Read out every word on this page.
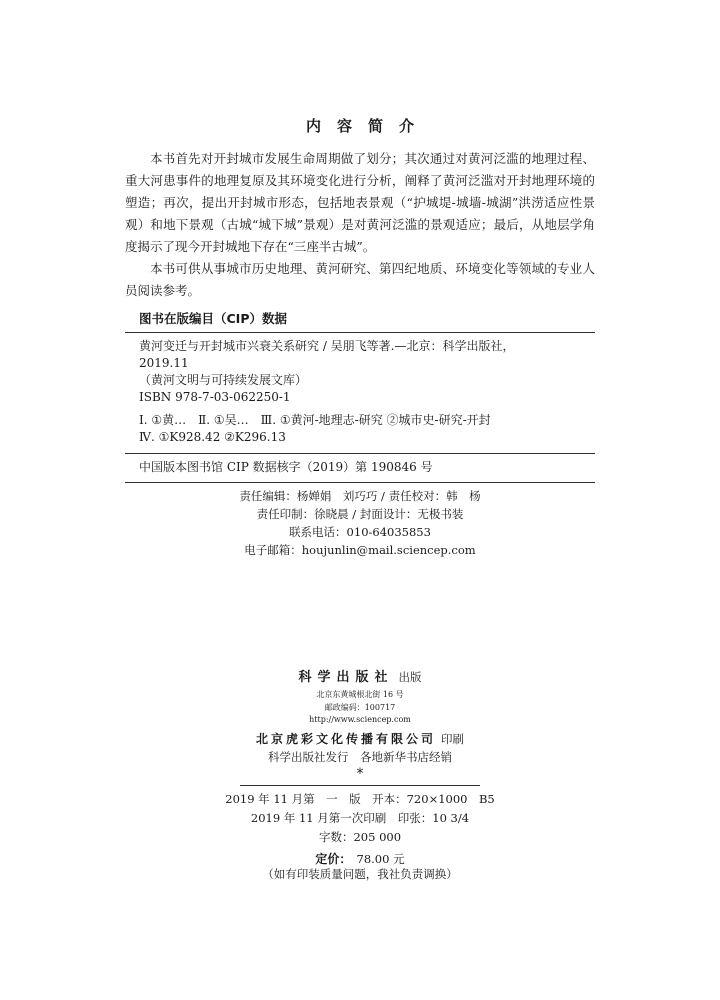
内容简介

本书首先对开封城市发展生命周期做了划分；其次通过对黄河泛滥的地理过程、重大河患事件的地理复原及其环境变化进行分析，阐释了黄河泛滥对开封地理环境的塑造；再次，提出开封城市形态，包括地表景观（“护城堤-城墙-城湖”洪涝适应性景观）和地下景观（古城“城下城”景观）是对黄河泛滥的景观适应；最后，从地层学角度揭示了现今开封城地下存在“三座半古城”。

本书可供从事城市历史地理、黄河研究、第四纪地质、环境变化等领域的专业人员阅读参考。

图书在版编目（CIP）数据
黄河变迁与开封城市兴衰关系研究 / 吴朋飞等著.—北京：科学出版社，
2019.11
（黄河文明与可持续发展文库）
ISBN 978-7-03-062250-1
Ⅰ. ①黄…　Ⅱ. ①吴…　Ⅲ. ①黄河-地理志-研究 ②城市史-研究-开封
Ⅳ. ①K928.42 ②K296.13
中国版本图书馆 CIP 数据核字（2019）第 190846 号
责任编辑：杨婵娟　刘巧巧 / 责任校对：韩　杨
责任印制：徐晓晨 / 封面设计：无极书装
联系电话：010-64035853
电子邮箱：houjunlin@mail.sciencep.com
科学出版社 出版
北京东黄城根北街 16 号
邮政编码：100717
http://www.sciencep.com
北京虎彩文化传播有限公司 印刷
科学出版社发行　各地新华书店经销
*
2019 年 11 月第　一　版　开本：720×1000　B5
2019 年 11 月第一次印刷　印张：10 3/4
字数：205 000
定价： 78.00 元
（如有印装质量问题，我社负责调换）
